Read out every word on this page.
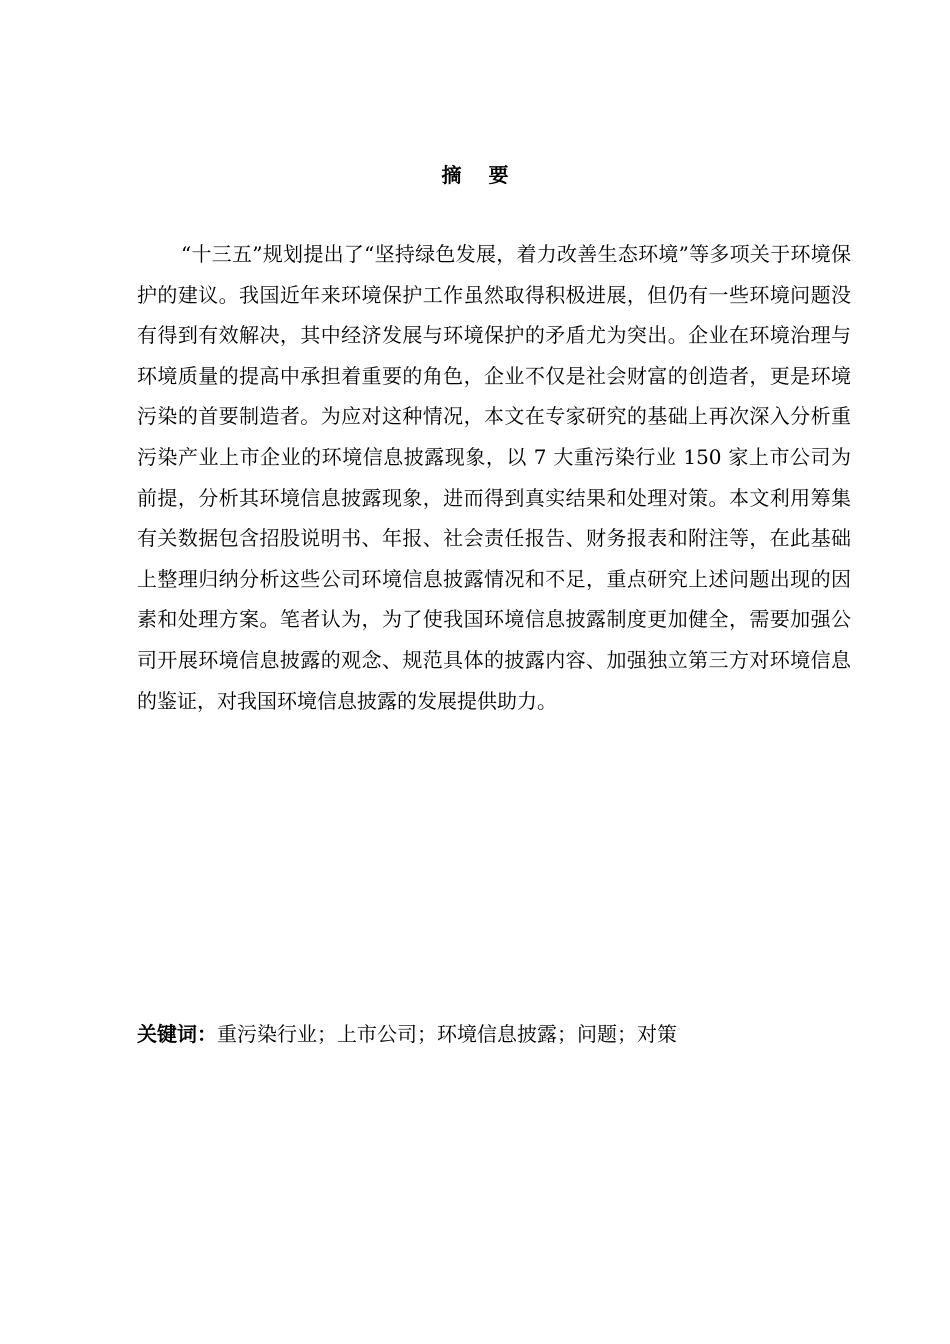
摘 要

“十三五”规划提出了“坚持绿色发展，着力改善生态环境”等多项关于环境保护的建议。我国近年来环境保护工作虽然取得积极进展，但仍有一些环境问题没有得到有效解决，其中经济发展与环境保护的矛盾尤为突出。企业在环境治理与环境质量的提高中承担着重要的角色，企业不仅是社会财富的创造者，更是环境污染的首要制造者。为应对这种情况，本文在专家研究的基础上再次深入分析重污染产业上市企业的环境信息披露现象，以 7 大重污染行业 150 家上市公司为前提，分析其环境信息披露现象，进而得到真实结果和处理对策。本文利用筹集有关数据包含招股说明书、年报、社会责任报告、财务报表和附注等，在此基础上整理归纳分析这些公司环境信息披露情况和不足，重点研究上述问题出现的因素和处理方案。笔者认为，为了使我国环境信息披露制度更加健全，需要加强公司开展环境信息披露的观念、规范具体的披露内容、加强独立第三方对环境信息的鉴证，对我国环境信息披露的发展提供助力。

关键词：重污染行业；上市公司；环境信息披露；问题；对策
